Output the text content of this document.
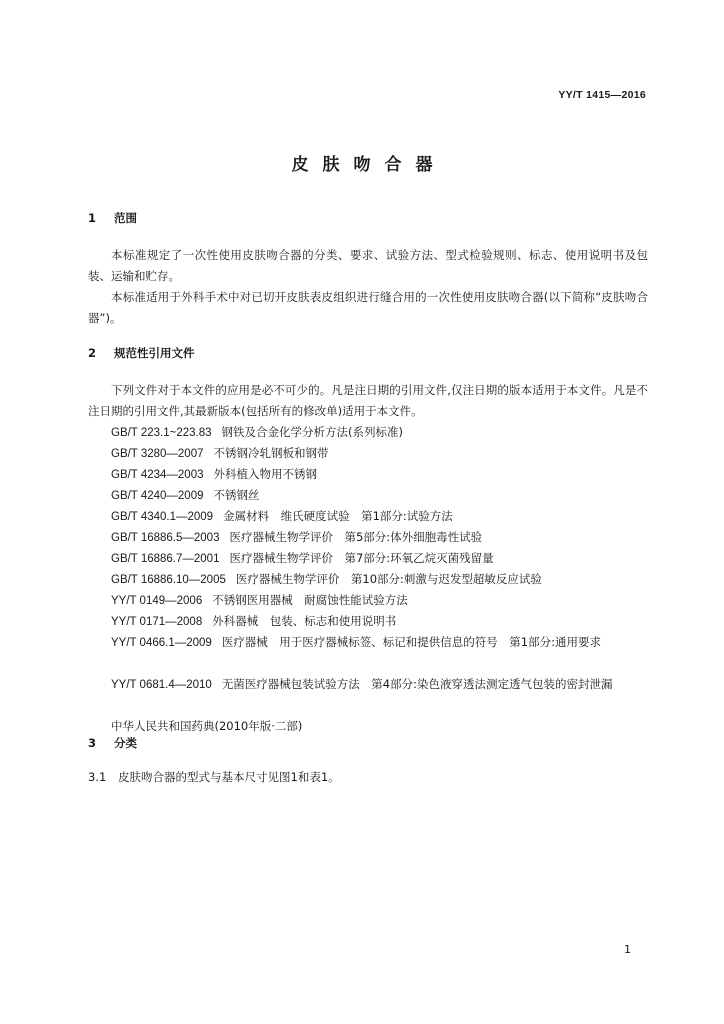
YY/T 1415—2016
皮肤吻合器
1 范围
本标准规定了一次性使用皮肤吻合器的分类、要求、试验方法、型式检验规则、标志、使用说明书及包装、运输和贮存。
本标准适用于外科手术中对已切开皮肤表皮组织进行缝合用的一次性使用皮肤吻合器(以下简称“皮肤吻合器”)。
2 规范性引用文件
下列文件对于本文件的应用是必不可少的。凡是注日期的引用文件,仅注日期的版本适用于本文件。凡是不注日期的引用文件,其最新版本(包括所有的修改单)适用于本文件。
GB/T 223.1~223.83 钢铁及合金化学分析方法(系列标准)
GB/T 3280—2007 不锈钢冷轧钢板和钢带
GB/T 4234—2003 外科植入物用不锈钢
GB/T 4240—2009 不锈钢丝
GB/T 4340.1—2009 金属材料　维氏硬度试验　第1部分:试验方法
GB/T 16886.5—2003 医疗器械生物学评价　第5部分:体外细胞毒性试验
GB/T 16886.7—2001 医疗器械生物学评价　第7部分:环氧乙烷灭菌残留量
GB/T 16886.10—2005 医疗器械生物学评价　第10部分:刺激与迟发型超敏反应试验
YY/T 0149—2006 不锈钢医用器械　耐腐蚀性能试验方法
YY/T 0171—2008 外科器械　包装、标志和使用说明书
YY/T 0466.1—2009 医疗器械　用于医疗器械标签、标记和提供信息的符号　第1部分:通用要求
YY/T 0681.4—2010 无菌医疗器械包装试验方法　第4部分:染色液穿透法测定透气包装的密封泄漏
中华人民共和国药典(2010年版·二部)
3 分类
3.1 皮肤吻合器的型式与基本尺寸见图1和表1。
1
